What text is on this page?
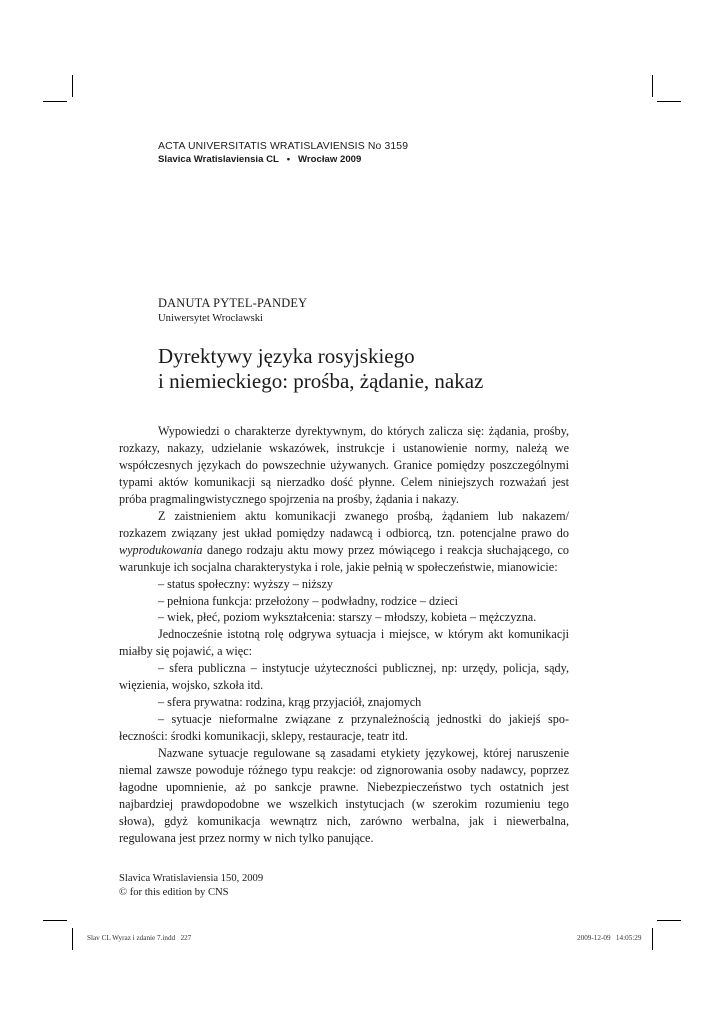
ACTA UNIVERSITATIS WRATISLAVIENSIS No 3159
Slavica Wratislaviensia CL   •   Wrocław 2009
DANUTA PYTEL-PANDEY
Uniwersytet Wrocławski
Dyrektywy języka rosyjskiego
i niemieckiego: prośba, żądanie, nakaz

Wypowiedzi o charakterze dyrektywnym, do których zalicza się: żądania, prośby, rozkazy, nakazy, udzielanie wskazówek, instrukcje i ustanowienie normy, należą we współczesnych językach do powszechnie używanych. Granice pomiędzy poszczególnymi typami aktów komunikacji są nierzadko dość płynne. Celem niniejszych rozważań jest próba pragmalingwistycznego spojrzenia na prośby, żądania i nakazy.

Z zaistnieniem aktu komunikacji zwanego prośbą, żądaniem lub nakazem/ rozkazem związany jest układ pomiędzy nadawcą i odbiorcą, tzn. potencjalne prawo do wyprodukowania danego rodzaju aktu mowy przez mówiącego i reakcja słuchającego, co warunkuje ich socjalna charakterystyka i role, jakie pełnią w społeczeństwie, mianowicie:

– status społeczny: wyższy – niższy

– pełniona funkcja: przełożony – podwładny, rodzice – dzieci

– wiek, płeć, poziom wykształcenia: starszy – młodszy, kobieta – mężczyzna.

Jednocześnie istotną rolę odgrywa sytuacja i miejsce, w którym akt komunikacji miałby się pojawić, a więc:

– sfera publiczna – instytucje użyteczności publicznej, np: urzędy, policja, sądy, więzienia, wojsko, szkoła itd.

– sfera prywatna: rodzina, krąg przyjaciół, znajomych

– sytuacje nieformalne związane z przynależnością jednostki do jakiejś społeczności: środki komunikacji, sklepy, restauracje, teatr itd.

Nazwane sytuacje regulowane są zasadami etykiety językowej, której naruszenie niemal zawsze powoduje różnego typu reakcje: od zignorowania osoby nadawcy, poprzez łagodne upomnienie, aż po sankcje prawne. Niebezpieczeństwo tych ostatnich jest najbardziej prawdopodobne we wszelkich instytucjach (w szerokim rozumieniu tego słowa), gdyż komunikacja wewnątrz nich, zarówno werbalna, jak i niewerbalna, regulowana jest przez normy w nich tylko panujące.

Slavica Wratislaviensia 150, 2009
© for this edition by CNS
Slav CL Wyraz i zdanie 7.indd   227	2009-12-09   14:05:29
